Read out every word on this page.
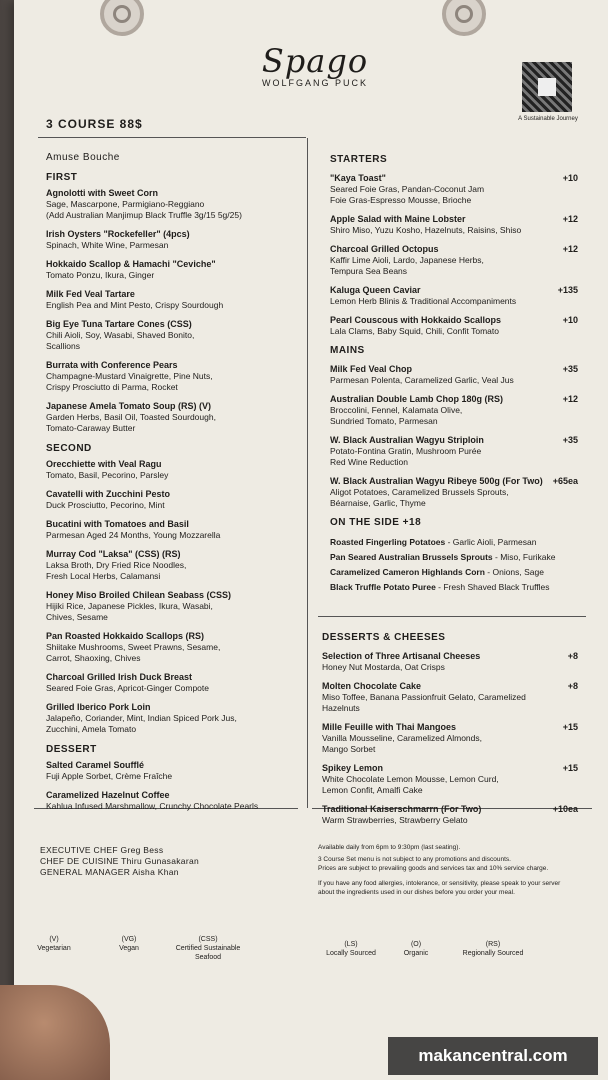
Spago
WOLFGANG PUCK
A Sustainable Journey
3 COURSE 88$

Amuse Bouche

FIRST

Agnolotti with Sweet Corn
Sage, Mascarpone, Parmigiano-Reggiano
(Add Australian Manjimup Black Truffle 3g/15 5g/25)
Irish Oysters "Rockefeller" (4pcs)
Spinach, White Wine, Parmesan
Hokkaido Scallop & Hamachi "Ceviche"
Tomato Ponzu, Ikura, Ginger
Milk Fed Veal Tartare
English Pea and Mint Pesto, Crispy Sourdough
Big Eye Tuna Tartare Cones (CSS)
Chili Aioli, Soy, Wasabi, Shaved Bonito,
Scallions
Burrata with Conference Pears
Champagne-Mustard Vinaigrette, Pine Nuts,
Crispy Prosciutto di Parma, Rocket
Japanese Amela Tomato Soup (RS) (V)
Garden Herbs, Basil Oil, Toasted Sourdough,
Tomato-Caraway Butter

SECOND

Orecchiette with Veal Ragu
Tomato, Basil, Pecorino, Parsley
Cavatelli with Zucchini Pesto
Duck Prosciutto, Pecorino, Mint
Bucatini with Tomatoes and Basil
Parmesan Aged 24 Months, Young Mozzarella
Murray Cod "Laksa" (CSS) (RS)
Laksa Broth, Dry Fried Rice Noodles,
Fresh Local Herbs, Calamansi
Honey Miso Broiled Chilean Seabass (CSS)
Hijiki Rice, Japanese Pickles, Ikura, Wasabi,
Chives, Sesame
Pan Roasted Hokkaido Scallops (RS)
Shiitake Mushrooms, Sweet Prawns, Sesame,
Carrot, Shaoxing, Chives
Charcoal Grilled Irish Duck Breast
Seared Foie Gras, Apricot-Ginger Compote
Grilled Iberico Pork Loin
Jalapeño, Coriander, Mint, Indian Spiced Pork Jus,
Zucchini, Amela Tomato

DESSERT

Salted Caramel Soufflé
Fuji Apple Sorbet, Crème Fraîche
Caramelized Hazelnut Coffee
Kahlua Infused Marshmallow, Crunchy Chocolate Pearls

STARTERS

"Kaya Toast"
Seared Foie Gras, Pandan-Coconut Jam
Foie Gras-Espresso Mousse, Brioche
+10
Apple Salad with Maine Lobster
Shiro Miso, Yuzu Kosho, Hazelnuts, Raisins, Shiso
+12
Charcoal Grilled Octopus
Kaffir Lime Aioli, Lardo, Japanese Herbs,
Tempura Sea Beans
+12
Kaluga Queen Caviar
Lemon Herb Blinis & Traditional Accompaniments
+135
Pearl Couscous with Hokkaido Scallops
Lala Clams, Baby Squid, Chili, Confit Tomato
+10

MAINS

Milk Fed Veal Chop
Parmesan Polenta, Caramelized Garlic, Veal Jus
+35
Australian Double Lamb Chop 180g (RS)
Broccolini, Fennel, Kalamata Olive,
Sundried Tomato, Parmesan
+12
W. Black Australian Wagyu Striploin
Potato-Fontina Gratin, Mushroom Purée
Red Wine Reduction
+35
W. Black Australian Wagyu Ribeye 500g (For Two)
Aligot Potatoes, Caramelized Brussels Sprouts,
Béarnaise, Garlic, Thyme
+65ea

ON THE SIDE +18

Roasted Fingerling Potatoes - Garlic Aioli, Parmesan
Pan Seared Australian Brussels Sprouts - Miso, Furikake
Caramelized Cameron Highlands Corn - Onions, Sage
Black Truffle Potato Puree - Fresh Shaved Black Truffles

DESSERTS & CHEESES

Selection of Three Artisanal Cheeses
Honey Nut Mostarda, Oat Crisps
+8
Molten Chocolate Cake
Miso Toffee, Banana Passionfruit Gelato, Caramelized
Hazelnuts
+8
Mille Feuille with Thai Mangoes
Vanilla Mousseline, Caramelized Almonds,
Mango Sorbet
+15
Spikey Lemon
White Chocolate Lemon Mousse, Lemon Curd,
Lemon Confit, Amalfi Cake
+15
Traditional Kaiserschmarrn (For Two)
Warm Strawberries, Strawberry Gelato
+10ea
EXECUTIVE CHEF Greg Bess
CHEF DE CUISINE Thiru Gunasakaran
GENERAL MANAGER Aisha Khan
Available daily from 6pm to 9:30pm (last seating).
3 Course Set menu is not subject to any promotions and discounts.
Prices are subject to prevailing goods and services tax and 10% service charge.
If you have any food allergies, intolerance, or sensitivity, please speak to your server about the ingredients used in our dishes before you order your meal.
(V)
Vegetarian
(VG)
Vegan
(CSS)
Certified Sustainable Seafood
(LS)
Locally Sourced
(O)
Organic
(RS)
Regionally Sourced
makancentral.com
